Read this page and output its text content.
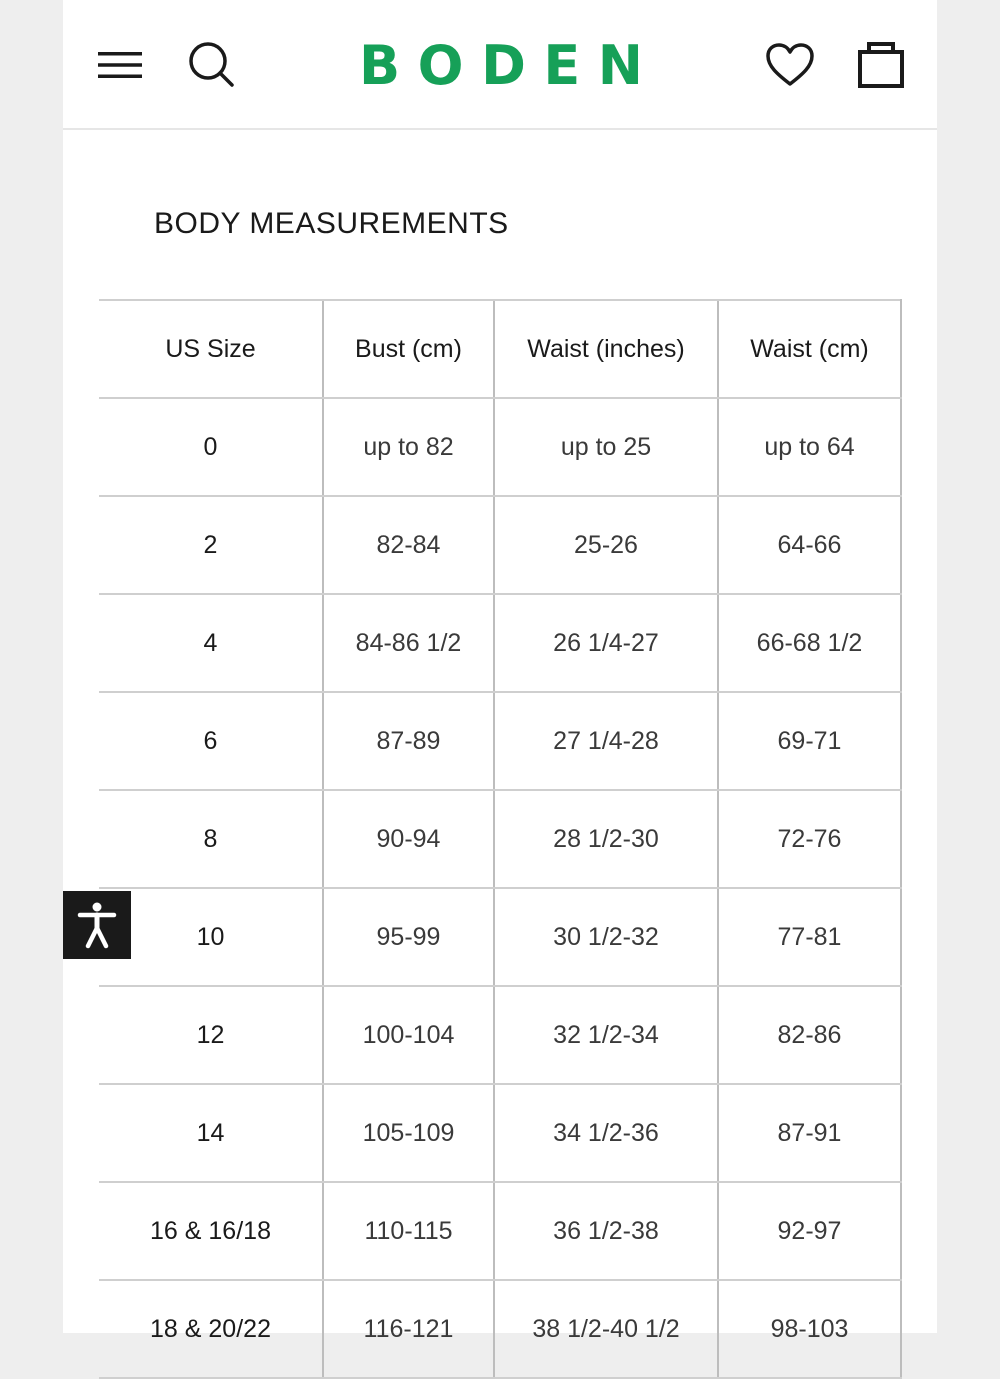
B O D E N
BODY MEASUREMENTS
US Size	Bust (cm)	Waist (inches)	Waist (cm)
0	up to 82	up to 25	up to 64
2	82-84	25-26	64-66
4	84-86 1/2	26 1/4-27	66-68 1/2
6	87-89	27 1/4-28	69-71
8	90-94	28 1/2-30	72-76
10	95-99	30 1/2-32	77-81
12	100-104	32 1/2-34	82-86
14	105-109	34 1/2-36	87-91
16 & 16/18	110-115	36 1/2-38	92-97
18 & 20/22	116-121	38 1/2-40 1/2	98-103
